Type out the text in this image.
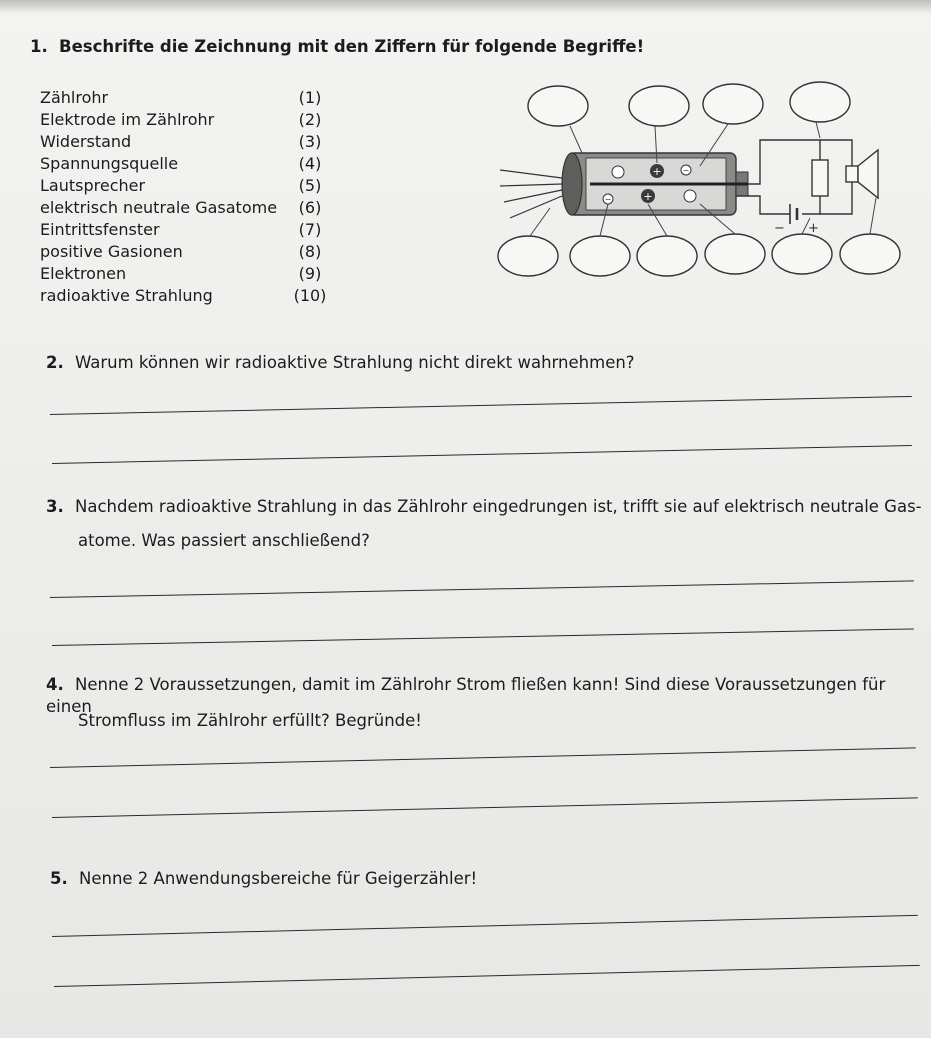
1. Beschrifte die Zeichnung mit den Ziffern für folgende Begriffe!
Zählrohr	(1)
Elektrode im Zählrohr	(2)
Widerstand	(3)
Spannungsquelle	(4)
Lautsprecher	(5)
elektrisch neutrale Gasatome	(6)
Eintrittsfenster	(7)
positive Gasionen	(8)
Elektronen	(9)
radioaktive Strahlung	(10)
+	−
−	+
− +
2. Warum können wir radioaktive Strahlung nicht direkt wahrnehmen?
3. Nachdem radioaktive Strahlung in das Zählrohr eingedrungen ist, trifft sie auf elektrisch neutrale Gas-
atome. Was passiert anschließend?
4. Nenne 2 Voraussetzungen, damit im Zählrohr Strom fließen kann! Sind diese Voraussetzungen für einen
Stromfluss im Zählrohr erfüllt? Begründe!
5. Nenne 2 Anwendungsbereiche für Geigerzähler!
